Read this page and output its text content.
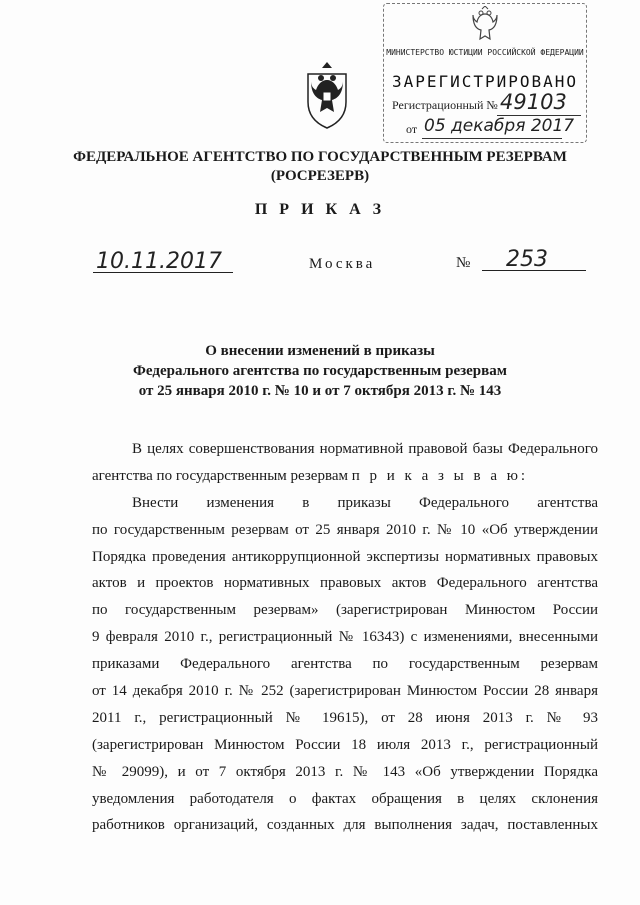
МИНИСТЕРСТВО ЮСТИЦИИ РОССИЙСКОЙ ФЕДЕРАЦИИ
ЗАРЕГИСТРИРОВАНО
Регистрационный № 49103
от 05 декабря 2017
ФЕДЕРАЛЬНОЕ АГЕНТСТВО ПО ГОСУДАРСТВЕННЫМ РЕЗЕРВАМ
(РОСРЕЗЕРВ)
П Р И К А З
10.11.2017	Москва	№ 253
О внесении изменений в приказы
Федерального агентства по государственным резервам
от 25 января 2010 г. № 10 и от 7 октября 2013 г. № 143
В целях совершенствования нормативной правовой базы Федерального
агентства по государственным резервам п р и к а з ы в а ю:
Внести изменения в приказы Федерального агентства
по государственным резервам от 25 января 2010 г. № 10 «Об утверждении
Порядка проведения антикоррупционной экспертизы нормативных правовых
актов и проектов нормативных правовых актов Федерального агентства
по государственным резервам» (зарегистрирован Минюстом России
9 февраля 2010 г., регистрационный № 16343) с изменениями, внесенными
приказами Федерального агентства по государственным резервам
от 14 декабря 2010 г. № 252 (зарегистрирован Минюстом России 28 января
2011 г., регистрационный № 19615), от 28 июня 2013 г. № 93
(зарегистрирован Минюстом России 18 июля 2013 г., регистрационный
№ 29099), и от 7 октября 2013 г. № 143 «Об утверждении Порядка
уведомления работодателя о фактах обращения в целях склонения
работников организаций, созданных для выполнения задач, поставленных
